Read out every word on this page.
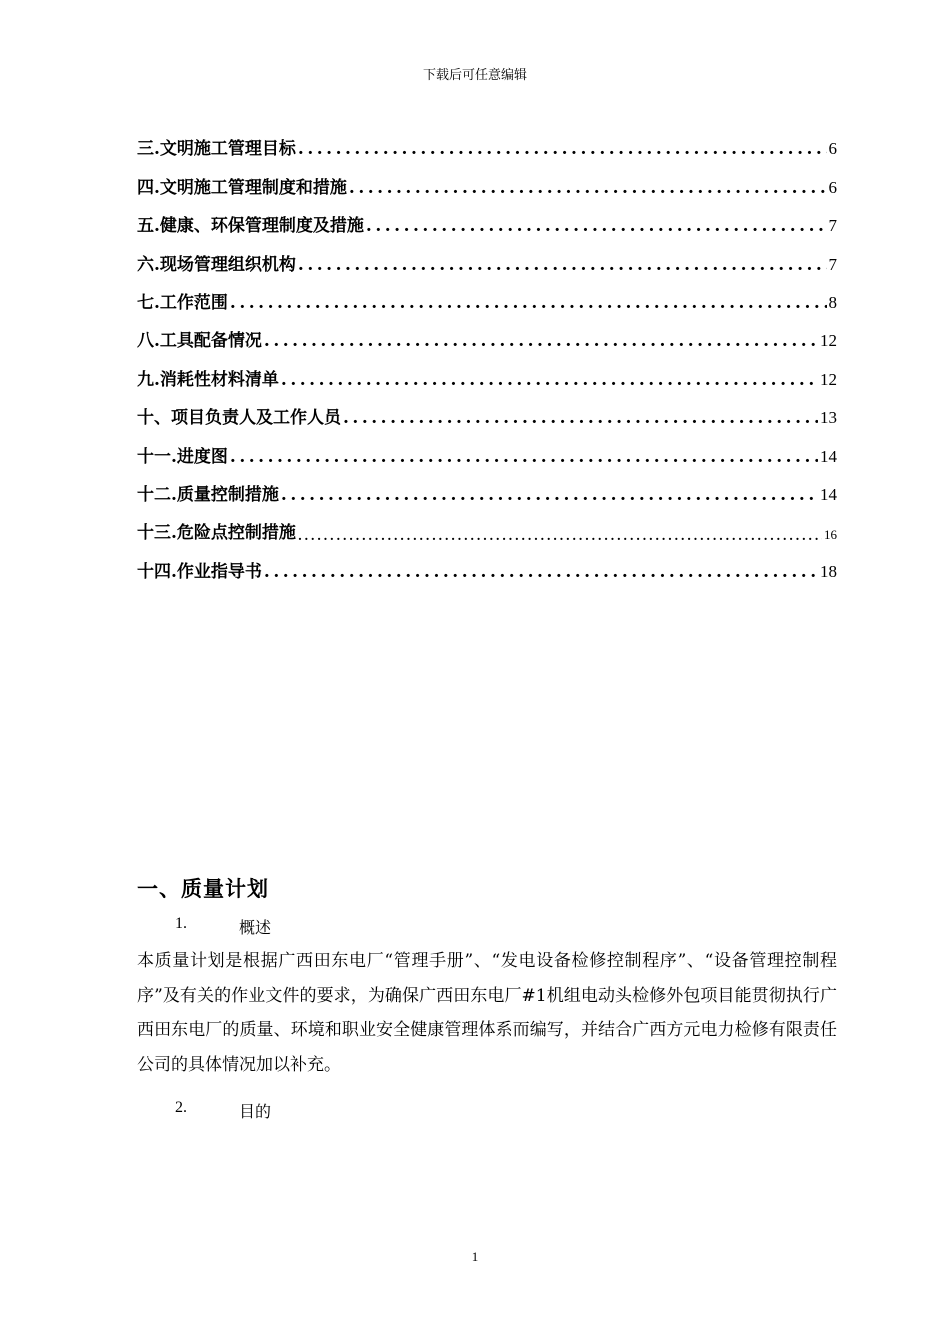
下载后可任意编辑
三.文明施工管理目标 .....	6
四.文明施工管理制度和措施 .....	6
五.健康、环保管理制度及措施 .....	7
六.现场管理组织机构 .....	7
七.工作范围 .....	8
八.工具配备情况 .....	12
九.消耗性材料清单 .....	12
十、项目负责人及工作人员 .....	13
十一.进度图 .....	14
十二.质量控制措施 .....	14
十三.危险点控制措施 .....	16
十四.作业指导书 .....	18
一、质量计划
1.	概述
本质量计划是根据广西田东电厂“管理手册”、“发电设备检修控制程序”、“设备管理控制程序”及有关的作业文件的要求，为确保广西田东电厂#1机组电动头检修外包项目能贯彻执行广西田东电厂的质量、环境和职业安全健康管理体系而编写，并结合广西方元电力检修有限责任公司的具体情况加以补充。
2.	目的
1
